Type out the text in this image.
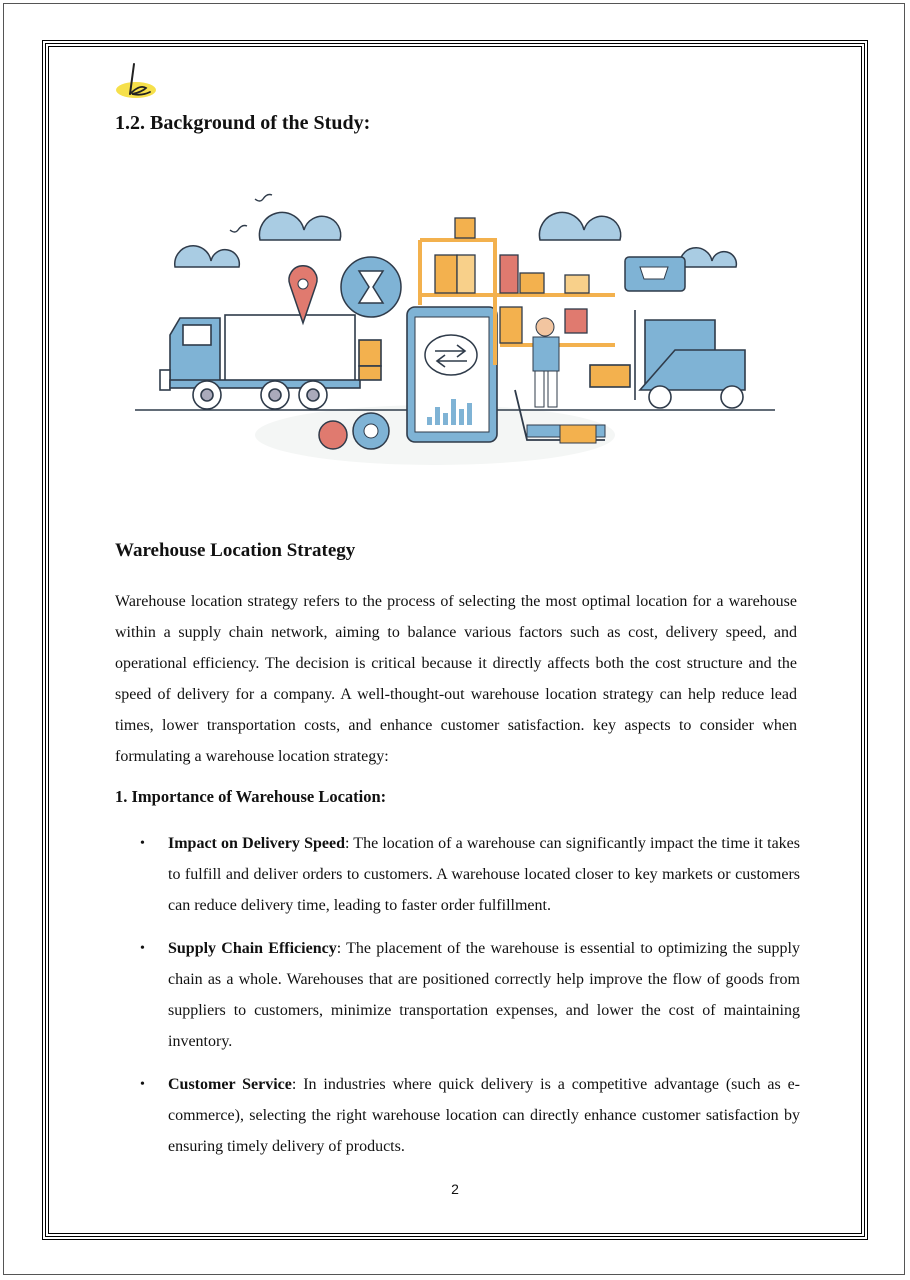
1.2. Background of the Study:
Warehouse Location Strategy
Warehouse location strategy refers to the process of selecting the most optimal location for a warehouse within a supply chain network, aiming to balance various factors such as cost, delivery speed, and operational efficiency. The decision is critical because it directly affects both the cost structure and the speed of delivery for a company. A well-thought-out warehouse location strategy can help reduce lead times, lower transportation costs, and enhance customer satisfaction. key aspects to consider when formulating a warehouse location strategy:
1. Importance of Warehouse Location:
• Impact on Delivery Speed: The location of a warehouse can significantly impact the time it takes to fulfill and deliver orders to customers. A warehouse located closer to key markets or customers can reduce delivery time, leading to faster order fulfillment.
• Supply Chain Efficiency: The placement of the warehouse is essential to optimizing the supply chain as a whole. Warehouses that are positioned correctly help improve the flow of goods from suppliers to customers, minimize transportation expenses, and lower the cost of maintaining inventory.
• Customer Service: In industries where quick delivery is a competitive advantage (such as e-commerce), selecting the right warehouse location can directly enhance customer satisfaction by ensuring timely delivery of products.
2
